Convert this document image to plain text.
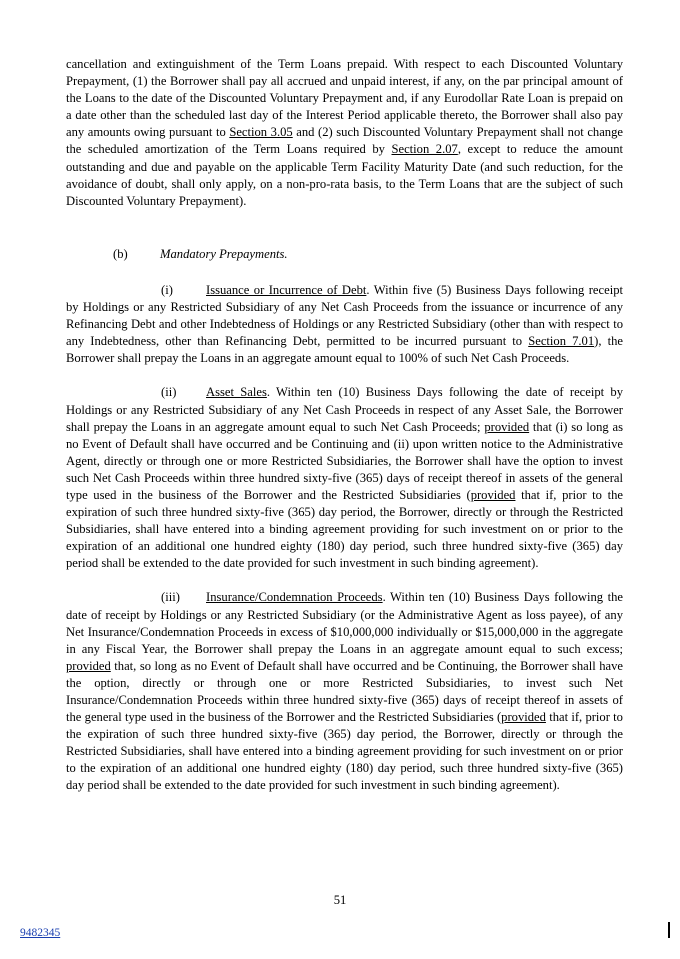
cancellation and extinguishment of the Term Loans prepaid. With respect to each Discounted Voluntary Prepayment, (1) the Borrower shall pay all accrued and unpaid interest, if any, on the par principal amount of the Loans to the date of the Discounted Voluntary Prepayment and, if any Eurodollar Rate Loan is prepaid on a date other than the scheduled last day of the Interest Period applicable thereto, the Borrower shall also pay any amounts owing pursuant to Section 3.05 and (2) such Discounted Voluntary Prepayment shall not change the scheduled amortization of the Term Loans required by Section 2.07, except to reduce the amount outstanding and due and payable on the applicable Term Facility Maturity Date (and such reduction, for the avoidance of doubt, shall only apply, on a non-pro-rata basis, to the Term Loans that are the subject of such Discounted Voluntary Prepayment).

(b)	Mandatory Prepayments.

(i)	Issuance or Incurrence of Debt. Within five (5) Business Days following receipt by Holdings or any Restricted Subsidiary of any Net Cash Proceeds from the issuance or incurrence of any Refinancing Debt and other Indebtedness of Holdings or any Restricted Subsidiary (other than with respect to any Indebtedness, other than Refinancing Debt, permitted to be incurred pursuant to Section 7.01), the Borrower shall prepay the Loans in an aggregate amount equal to 100% of such Net Cash Proceeds.

(ii) Asset Sales. Within ten (10) Business Days following the date of receipt by Holdings or any Restricted Subsidiary of any Net Cash Proceeds in respect of any Asset Sale, the Borrower shall prepay the Loans in an aggregate amount equal to such Net Cash Proceeds; provided that (i) so long as no Event of Default shall have occurred and be Continuing and (ii) upon written notice to the Administrative Agent, directly or through one or more Restricted Subsidiaries, the Borrower shall have the option to invest such Net Cash Proceeds within three hundred sixty-five (365) days of receipt thereof in assets of the general type used in the business of the Borrower and the Restricted Subsidiaries (provided that if, prior to the expiration of such three hundred sixty-five (365) day period, the Borrower, directly or through the Restricted Subsidiaries, shall have entered into a binding agreement providing for such investment on or prior to the expiration of an additional one hundred eighty (180) day period, such three hundred sixty-five (365) day period shall be extended to the date provided for such investment in such binding agreement).

(iii) Insurance/Condemnation Proceeds. Within ten (10) Business Days following the date of receipt by Holdings or any Restricted Subsidiary (or the Administrative Agent as loss payee), of any Net Insurance/Condemnation Proceeds in excess of $10,000,000 individually or $15,000,000 in the aggregate in any Fiscal Year, the Borrower shall prepay the Loans in an aggregate amount equal to such excess; provided that, so long as no Event of Default shall have occurred and be Continuing, the Borrower shall have the option, directly or through one or more Restricted Subsidiaries, to invest such Net Insurance/Condemnation Proceeds within three hundred sixty-five (365) days of receipt thereof in assets of the general type used in the business of the Borrower and the Restricted Subsidiaries (provided that if, prior to the expiration of such three hundred sixty-five (365) day period, the Borrower, directly or through the Restricted Subsidiaries, shall have entered into a binding agreement providing for such investment on or prior to the expiration of an additional one hundred eighty (180) day period, such three hundred sixty-five (365) day period shall be extended to the date provided for such investment in such binding agreement).

51
9482345
